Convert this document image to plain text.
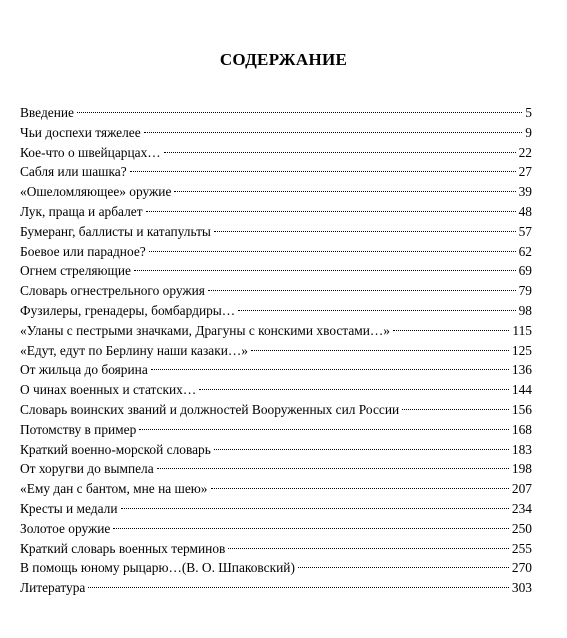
СОДЕРЖАНИЕ
Введение	5
Чьи доспехи тяжелее	9
Кое-что о швейцарцах…	22
Сабля или шашка?	27
«Ошеломляющее» оружие	39
Лук, праща и арбалет	48
Бумеранг, баллисты и катапульты	57
Боевое или парадное?	62
Огнем стреляющие	69
Словарь огнестрельного оружия	79
Фузилеры, гренадеры, бомбардиры…	98
«Уланы с пестрыми значками, Драгуны с конскими хвостами…»	115
«Едут, едут по Берлину наши казаки…»	125
От жильца до боярина	136
О чинах военных и статских…	144
Словарь воинских званий и должностей Вооруженных сил России	156
Потомству в пример	168
Краткий военно-морской словарь	183
От хоругви до вымпела	198
«Ему дан с бантом, мне на шею»	207
Кресты и медали	234
Золотое оружие	250
Краткий словарь военных терминов	255
В помощь юному рыцарю…(В. О. Шпаковский)	270
Литература	303
